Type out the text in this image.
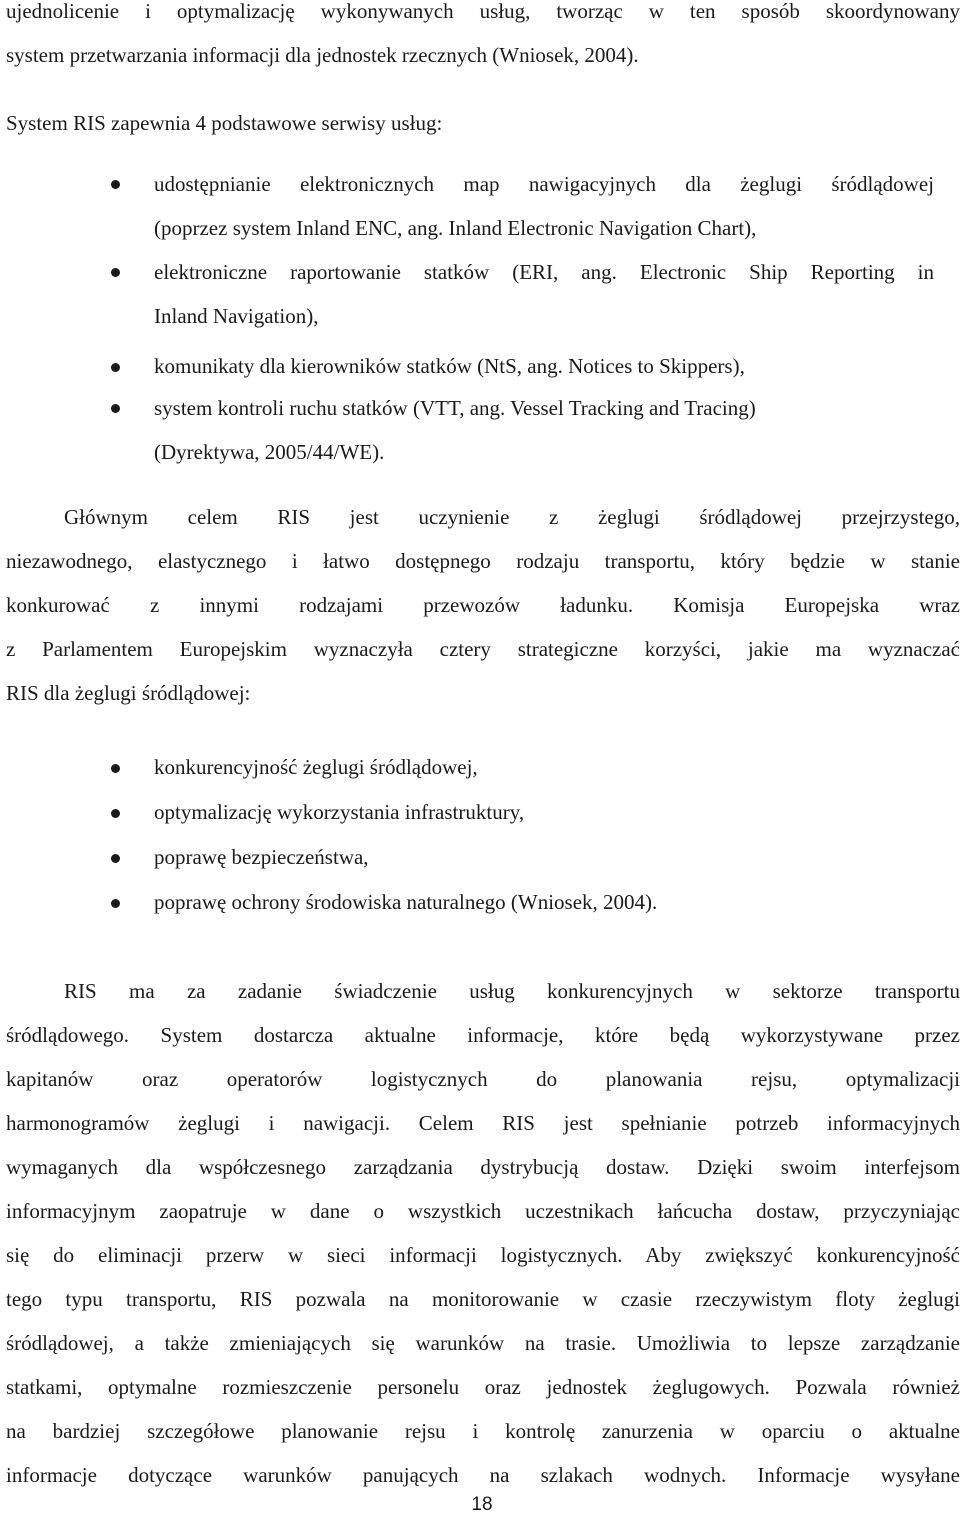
ujednolicenie i optymalizację wykonywanych usług, tworząc w ten sposób skoordynowany
system przetwarzania informacji dla jednostek rzecznych (Wniosek, 2004).
System RIS zapewnia 4 podstawowe serwisy usług:
udostępnianie elektronicznych map nawigacyjnych dla żeglugi śródlądowej
(poprzez system Inland ENC, ang. Inland Electronic Navigation Chart),
elektroniczne raportowanie statków (ERI, ang. Electronic Ship Reporting in
Inland Navigation),
komunikaty dla kierowników statków (NtS, ang. Notices to Skippers),
system kontroli ruchu statków (VTT, ang. Vessel Tracking and Tracing)
(Dyrektywa, 2005/44/WE).
Głównym celem RIS jest uczynienie z żeglugi śródlądowej przejrzystego,
niezawodnego, elastycznego i łatwo dostępnego rodzaju transportu, który będzie w stanie
konkurować z innymi rodzajami przewozów ładunku. Komisja Europejska wraz
z Parlamentem Europejskim wyznaczyła cztery strategiczne korzyści, jakie ma wyznaczać
RIS dla żeglugi śródlądowej:
konkurencyjność żeglugi śródlądowej,
optymalizację wykorzystania infrastruktury,
poprawę bezpieczeństwa,
poprawę ochrony środowiska naturalnego (Wniosek, 2004).
RIS ma za zadanie świadczenie usług konkurencyjnych w sektorze transportu
śródlądowego. System dostarcza aktualne informacje, które będą wykorzystywane przez
kapitanów oraz operatorów logistycznych do planowania rejsu, optymalizacji
harmonogramów żeglugi i nawigacji. Celem RIS jest spełnianie potrzeb informacyjnych
wymaganych dla współczesnego zarządzania dystrybucją dostaw. Dzięki swoim interfejsom
informacyjnym zaopatruje w dane o wszystkich uczestnikach łańcucha dostaw, przyczyniając
się do eliminacji przerw w sieci informacji logistycznych. Aby zwiększyć konkurencyjność
tego typu transportu, RIS pozwala na monitorowanie w czasie rzeczywistym floty żeglugi
śródlądowej, a także zmieniających się warunków na trasie. Umożliwia to lepsze zarządzanie
statkami, optymalne rozmieszczenie personelu oraz jednostek żeglugowych. Pozwala również
na bardziej szczegółowe planowanie rejsu i kontrolę zanurzenia w oparciu o aktualne
informacje dotyczące warunków panujących na szlakach wodnych. Informacje wysyłane
18
